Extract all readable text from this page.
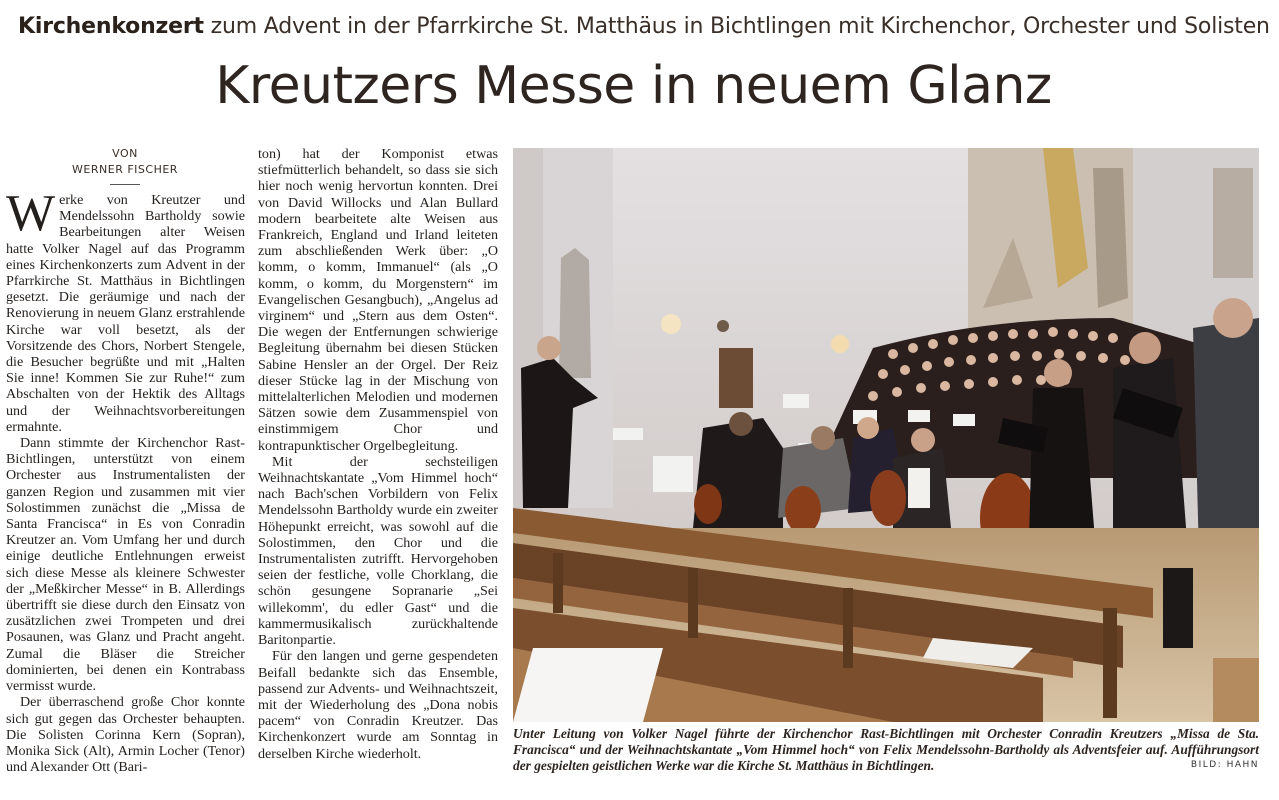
Kirchenkonzert zum Advent in der Pfarrkirche St. Matthäus in Bichtlingen mit Kirchenchor, Orchester und Solisten
Kreutzers Messe in neuem Glanz
VON
WERNER FISCHER

Werke von Kreutzer und Mendelssohn Bartholdy sowie Bearbeitungen alter Weisen hatte Volker Nagel auf das Programm eines Kirchenkonzerts zum Advent in der Pfarrkirche St. Matthäus in Bichtlingen gesetzt. Die geräumige und nach der Renovierung in neuem Glanz erstrahlende Kirche war voll besetzt, als der Vorsitzende des Chors, Norbert Stengele, die Besucher begrüßte und mit „Halten Sie inne! Kommen Sie zur Ruhe!“ zum Abschalten von der Hektik des Alltags und der Weihnachtsvorbereitungen ermahnte.

Dann stimmte der Kirchenchor Rast-Bichtlingen, unterstützt von einem Orchester aus Instrumentalisten der ganzen Region und zusammen mit vier Solostimmen zunächst die „Missa de Santa Francisca“ in Es von Conradin Kreutzer an. Vom Umfang her und durch einige deutliche Entlehnungen erweist sich diese Messe als kleinere Schwester der „Meßkircher Messe“ in B. Allerdings übertrifft sie diese durch den Einsatz von zusätzlichen zwei Trompeten und drei Posaunen, was Glanz und Pracht angeht. Zumal die Bläser die Streicher dominierten, bei denen ein Kontrabass vermisst wurde.

Der überraschend große Chor konnte sich gut gegen das Orchester behaupten. Die Solisten Corinna Kern (Sopran), Monika Sick (Alt), Armin Locher (Tenor) und Alexander Ott (Bari-

ton) hat der Komponist etwas stiefmütterlich behandelt, so dass sie sich hier noch wenig hervortun konnten. Drei von David Willocks und Alan Bullard modern bearbeitete alte Weisen aus Frankreich, England und Irland leiteten zum abschließenden Werk über: „O komm, o komm, Immanuel“ (als „O komm, o komm, du Morgenstern“ im Evangelischen Gesangbuch), „Angelus ad virginem“ und „Stern aus dem Osten“. Die wegen der Entfernungen schwierige Begleitung übernahm bei diesen Stücken Sabine Hensler an der Orgel. Der Reiz dieser Stücke lag in der Mischung von mittelalterlichen Melodien und modernen Sätzen sowie dem Zusammenspiel von einstimmigem Chor und kontrapunktischer Orgelbegleitung.

Mit der sechsteiligen Weihnachtskantate „Vom Himmel hoch“ nach Bach'schen Vorbildern von Felix Mendelssohn Bartholdy wurde ein zweiter Höhepunkt erreicht, was sowohl auf die Solostimmen, den Chor und die Instrumentalisten zutrifft. Hervorgehoben seien der festliche, volle Chorklang, die schön gesungene Sopranarie „Sei willekomm', du edler Gast“ und die kammermusikalisch zurückhaltende Baritonpartie.

Für den langen und gerne gespendeten Beifall bedankte sich das Ensemble, passend zur Advents- und Weihnachtszeit, mit der Wiederholung des „Dona nobis pacem“ von Conradin Kreutzer. Das Kirchenkonzert wurde am Sonntag in derselben Kirche wiederholt.

Unter Leitung von Volker Nagel führte der Kirchenchor Rast-Bichtlingen mit Orchester Conradin Kreutzers „Missa de Sta. Francisca“ und der Weihnachtskantate „Vom Himmel hoch“ von Felix Mendelssohn-Bartholdy als Adventsfeier auf. Aufführungsort der gespielten geistlichen Werke war die Kirche St. Matthäus in Bichtlingen.	BILD: HAHN
